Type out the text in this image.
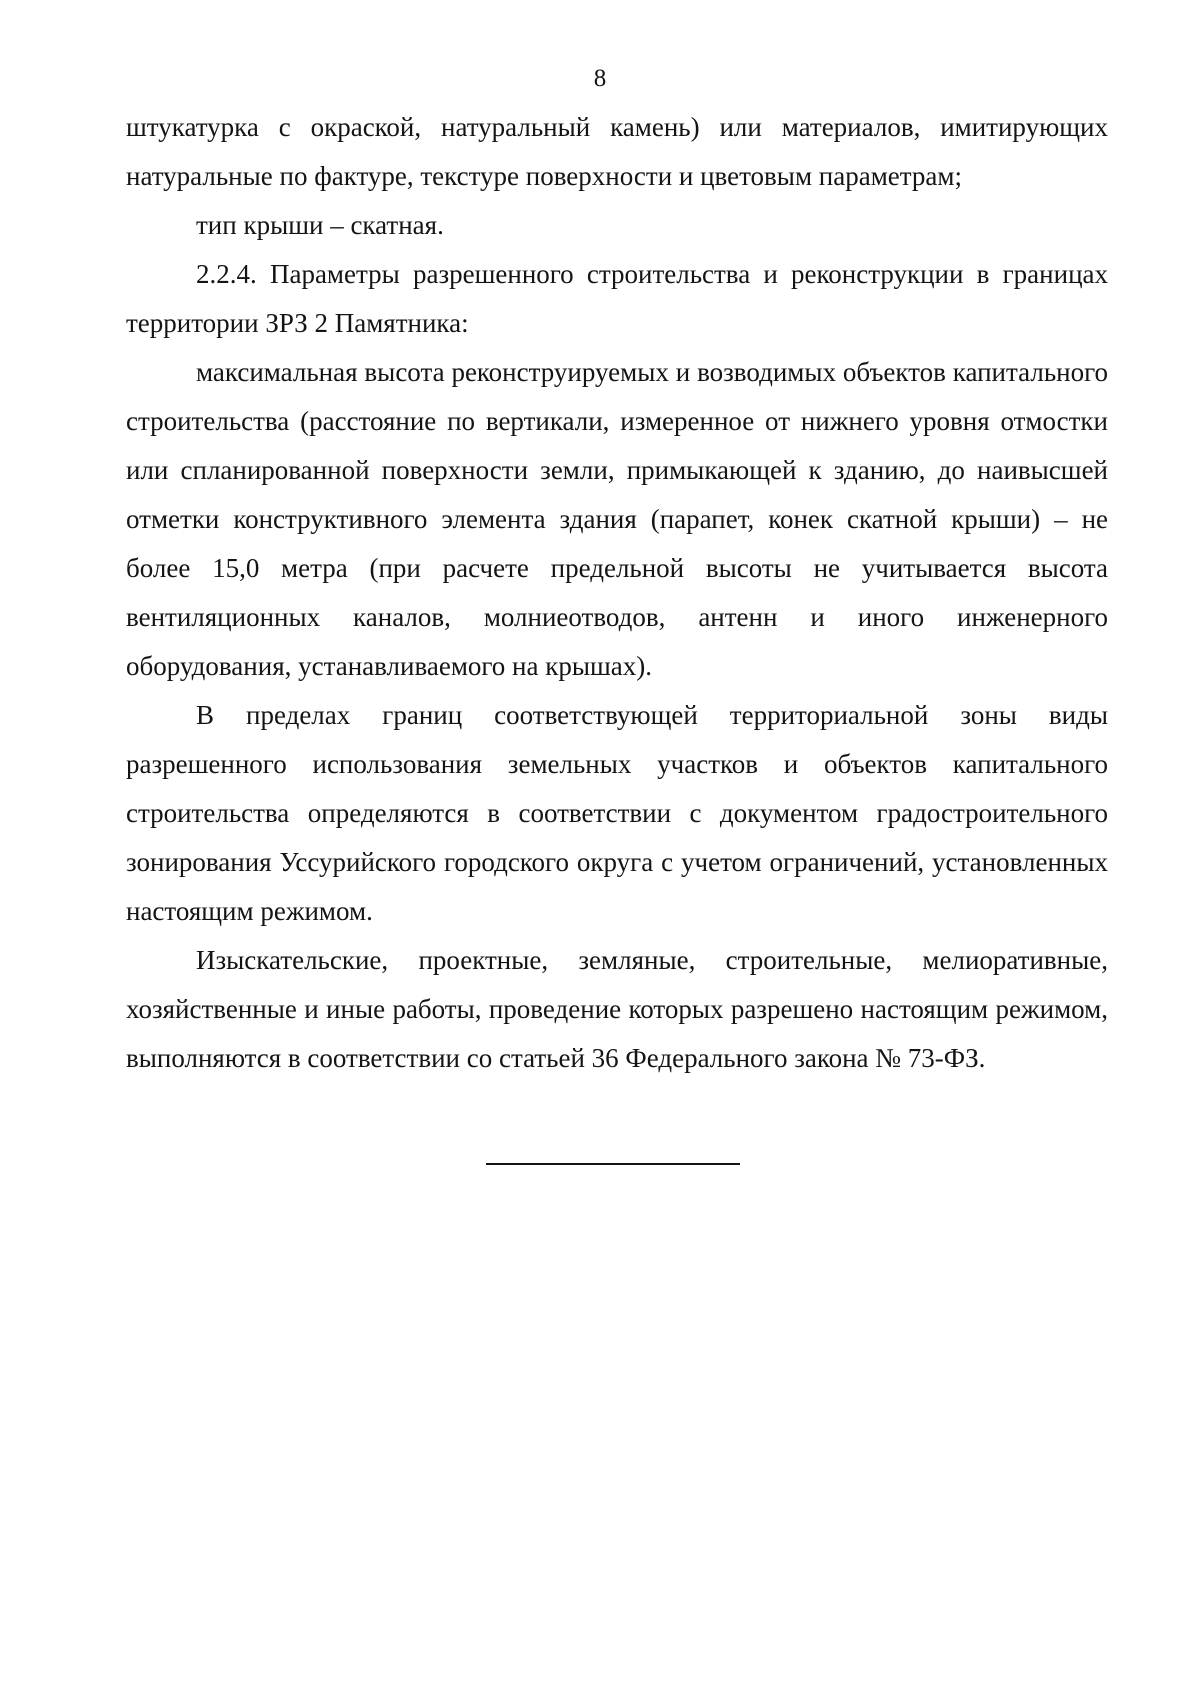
8

штукатурка с окраской, натуральный камень) или материалов, имитирующих натуральные по фактуре, текстуре поверхности и цветовым параметрам;

тип крыши – скатная.

2.2.4. Параметры разрешенного строительства и реконструкции в границах территории ЗРЗ 2 Памятника:

максимальная высота реконструируемых и возводимых объектов капитального строительства (расстояние по вертикали, измеренное от нижнего уровня отмостки или спланированной поверхности земли, примыкающей к зданию, до наивысшей отметки конструктивного элемента здания (парапет, конек скатной крыши) – не более 15,0 метра (при расчете предельной высоты не учитывается высота вентиляционных каналов, молниеотводов, антенн и иного инженерного оборудования, устанавливаемого на крышах).

В пределах границ соответствующей территориальной зоны виды разрешенного использования земельных участков и объектов капитального строительства определяются в соответствии с документом градостроительного зонирования Уссурийского городского округа с учетом ограничений, установленных настоящим режимом.

Изыскательские, проектные, земляные, строительные, мелиоративные, хозяйственные и иные работы, проведение которых разрешено настоящим режимом, выполняются в соответствии со статьей 36 Федерального закона № 73-ФЗ.
